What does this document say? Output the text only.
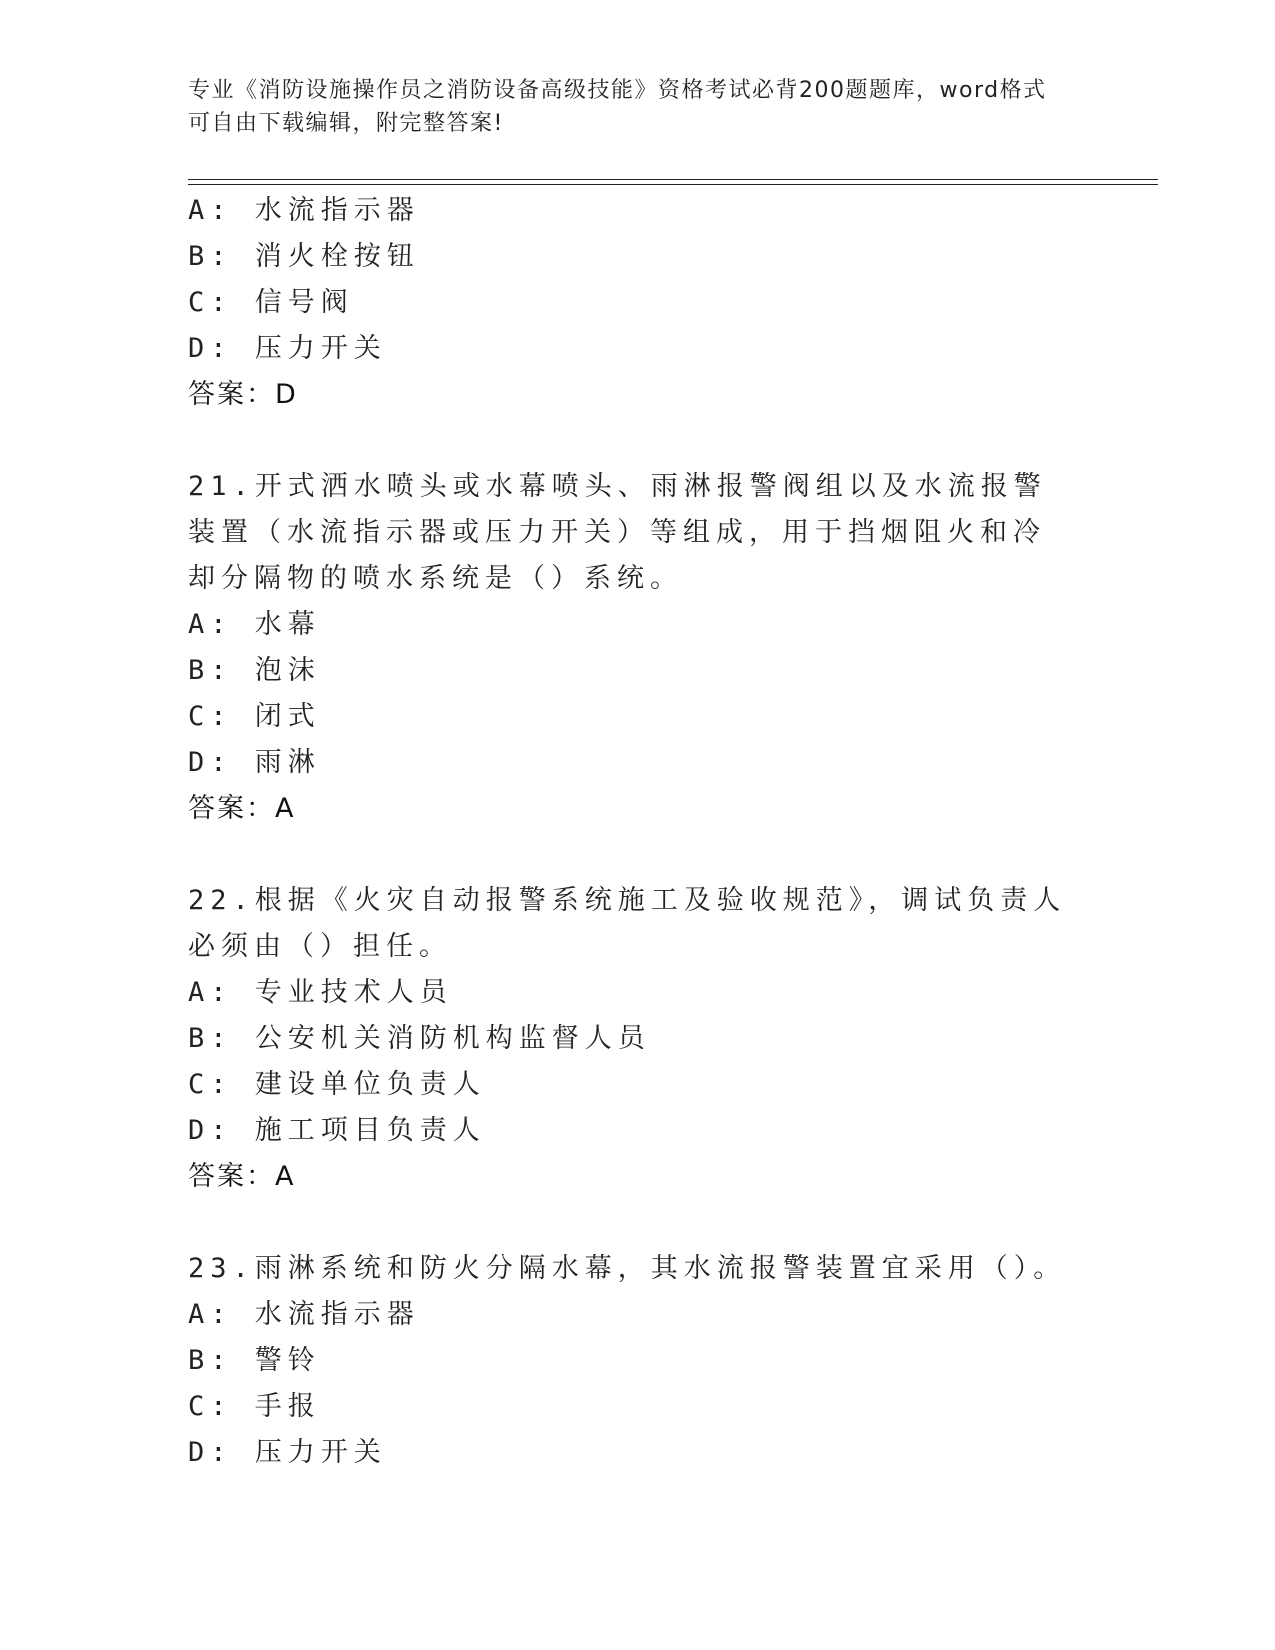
专业《消防设施操作员之消防设备高级技能》资格考试必背200题题库，word格式可自由下载编辑，附完整答案!
A: 水流指示器
B: 消火栓按钮
C: 信号阀
D: 压力开关
答案：D
21.开式洒水喷头或水幕喷头、雨淋报警阀组以及水流报警装置（水流指示器或压力开关）等组成，用于挡烟阻火和冷却分隔物的喷水系统是（）系统。
A: 水幕
B: 泡沫
C: 闭式
D: 雨淋
答案：A
22.根据《火灾自动报警系统施工及验收规范》，调试负责人必须由（）担任。
A: 专业技术人员
B: 公安机关消防机构监督人员
C: 建设单位负责人
D: 施工项目负责人
答案：A
23.雨淋系统和防火分隔水幕，其水流报警装置宜采用（）。
A: 水流指示器
B: 警铃
C: 手报
D: 压力开关
